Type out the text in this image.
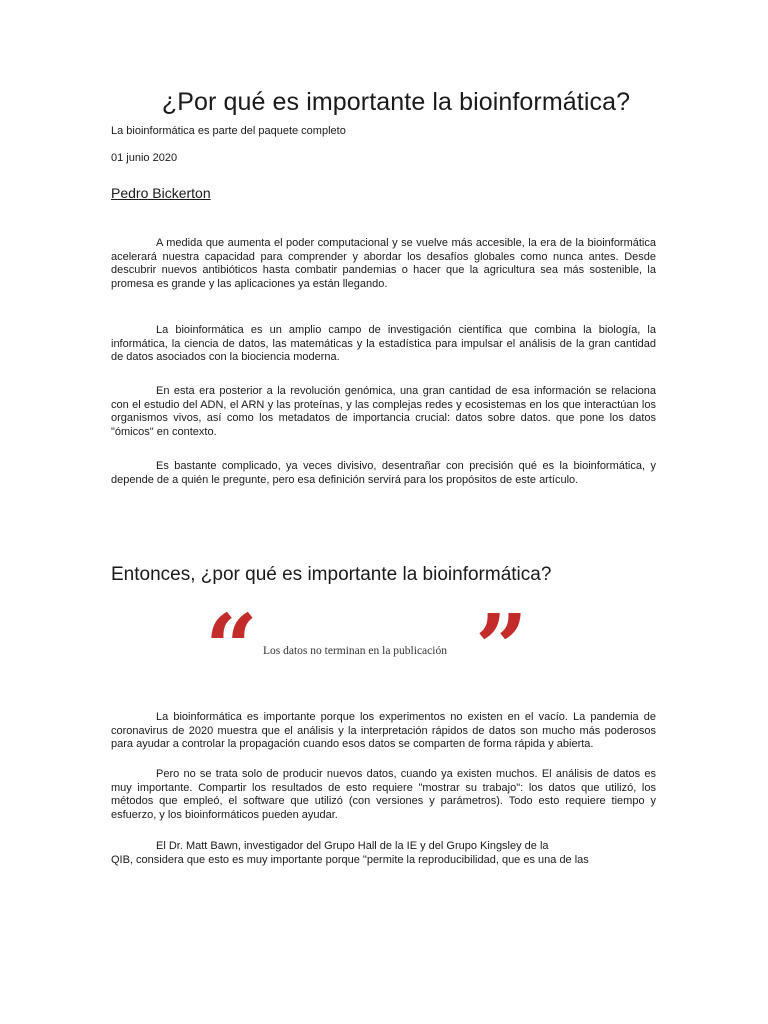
¿Por qué es importante la bioinformática?

La bioinformática es parte del paquete completo

01 junio 2020

Pedro Bickerton

A medida que aumenta el poder computacional y se vuelve más accesible, la era de la bioinformática acelerará nuestra capacidad para comprender y abordar los desafíos globales como nunca antes. Desde descubrir nuevos antibióticos hasta combatir pandemias o hacer que la agricultura sea más sostenible, la promesa es grande y las aplicaciones ya están llegando.

La bioinformática es un amplio campo de investigación científica que combina la biología, la informática, la ciencia de datos, las matemáticas y la estadística para impulsar el análisis de la gran cantidad de datos asociados con la biociencia moderna.

En esta era posterior a la revolución genómica, una gran cantidad de esa información se relaciona con el estudio del ADN, el ARN y las proteínas, y las complejas redes y ecosistemas en los que interactúan los organismos vivos, así como los metadatos de importancia crucial: datos sobre datos. que pone los datos "ómicos" en contexto.

Es bastante complicado, ya veces divisivo, desentrañar con precisión qué es la bioinformática, y depende de a quién le pregunte, pero esa definición servirá para los propósitos de este artículo.

Entonces, ¿por qué es importante la bioinformática?
“ Los datos no terminan en la publicación ”

La bioinformática es importante porque los experimentos no existen en el vacío. La pandemia de coronavirus de 2020 muestra que el análisis y la interpretación rápidos de datos son mucho más poderosos para ayudar a controlar la propagación cuando esos datos se comparten de forma rápida y abierta.

Pero no se trata solo de producir nuevos datos, cuando ya existen muchos. El análisis de datos es muy importante. Compartir los resultados de esto requiere "mostrar su trabajo": los datos que utilizó, los métodos que empleó, el software que utilizó (con versiones y parámetros). Todo esto requiere tiempo y esfuerzo, y los bioinformáticos pueden ayudar.

El Dr. Matt Bawn, investigador del Grupo Hall de la IE y del Grupo Kingsley de la
QIB, considera que esto es muy importante porque "permite la reproducibilidad, que es una de las
